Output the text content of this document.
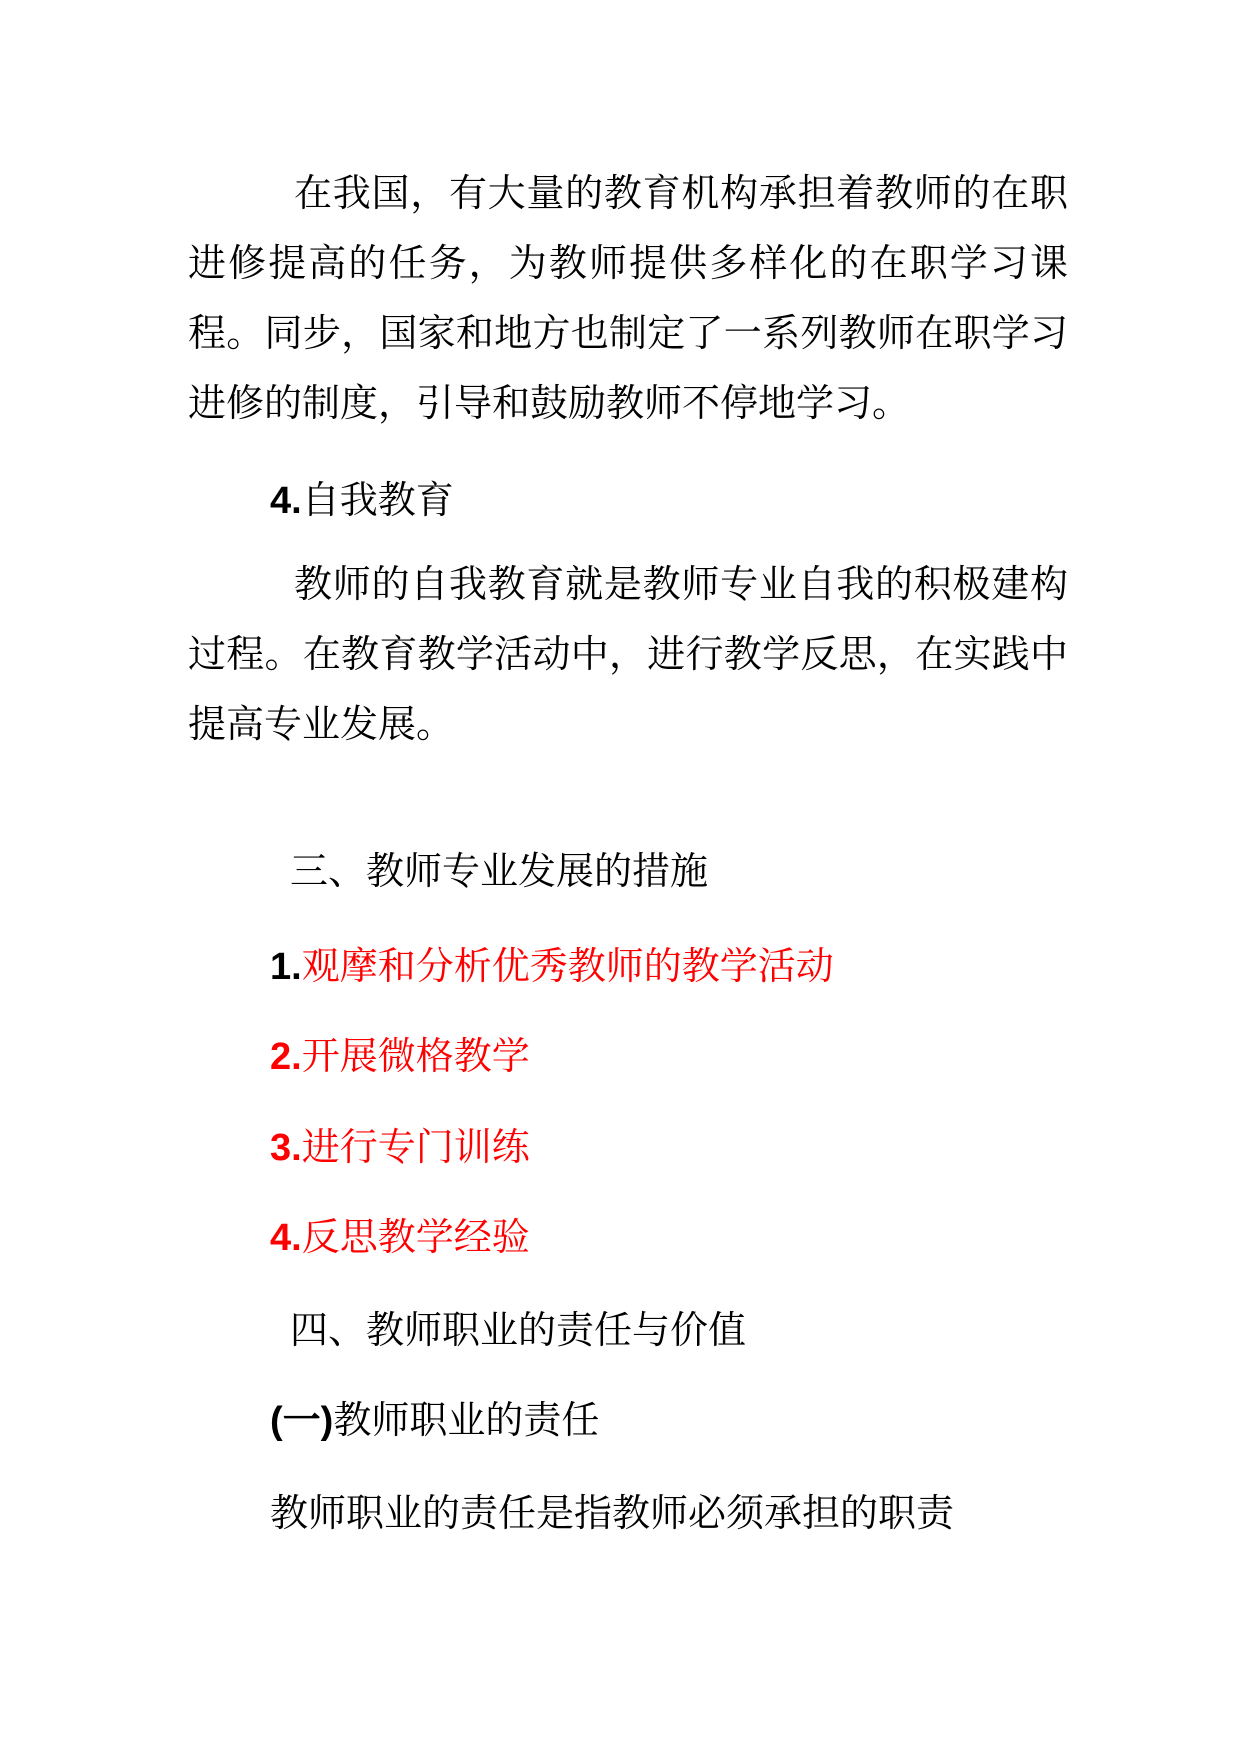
在我国，有大量的教育机构承担着教师的在职进修提高的任务，为教师提供多样化的在职学习课程。同步，国家和地方也制定了一系列教师在职学习进修的制度，引导和鼓励教师不停地学习。

4.自我教育

教师的自我教育就是教师专业自我的积极建构过程。在教育教学活动中，进行教学反思，在实践中提高专业发展。

三、教师专业发展的措施
1.观摩和分析优秀教师的教学活动
2.开展微格教学
3.进行专门训练
4.反思教学经验
四、教师职业的责任与价值
(一)教师职业的责任
教师职业的责任是指教师必须承担的职责
